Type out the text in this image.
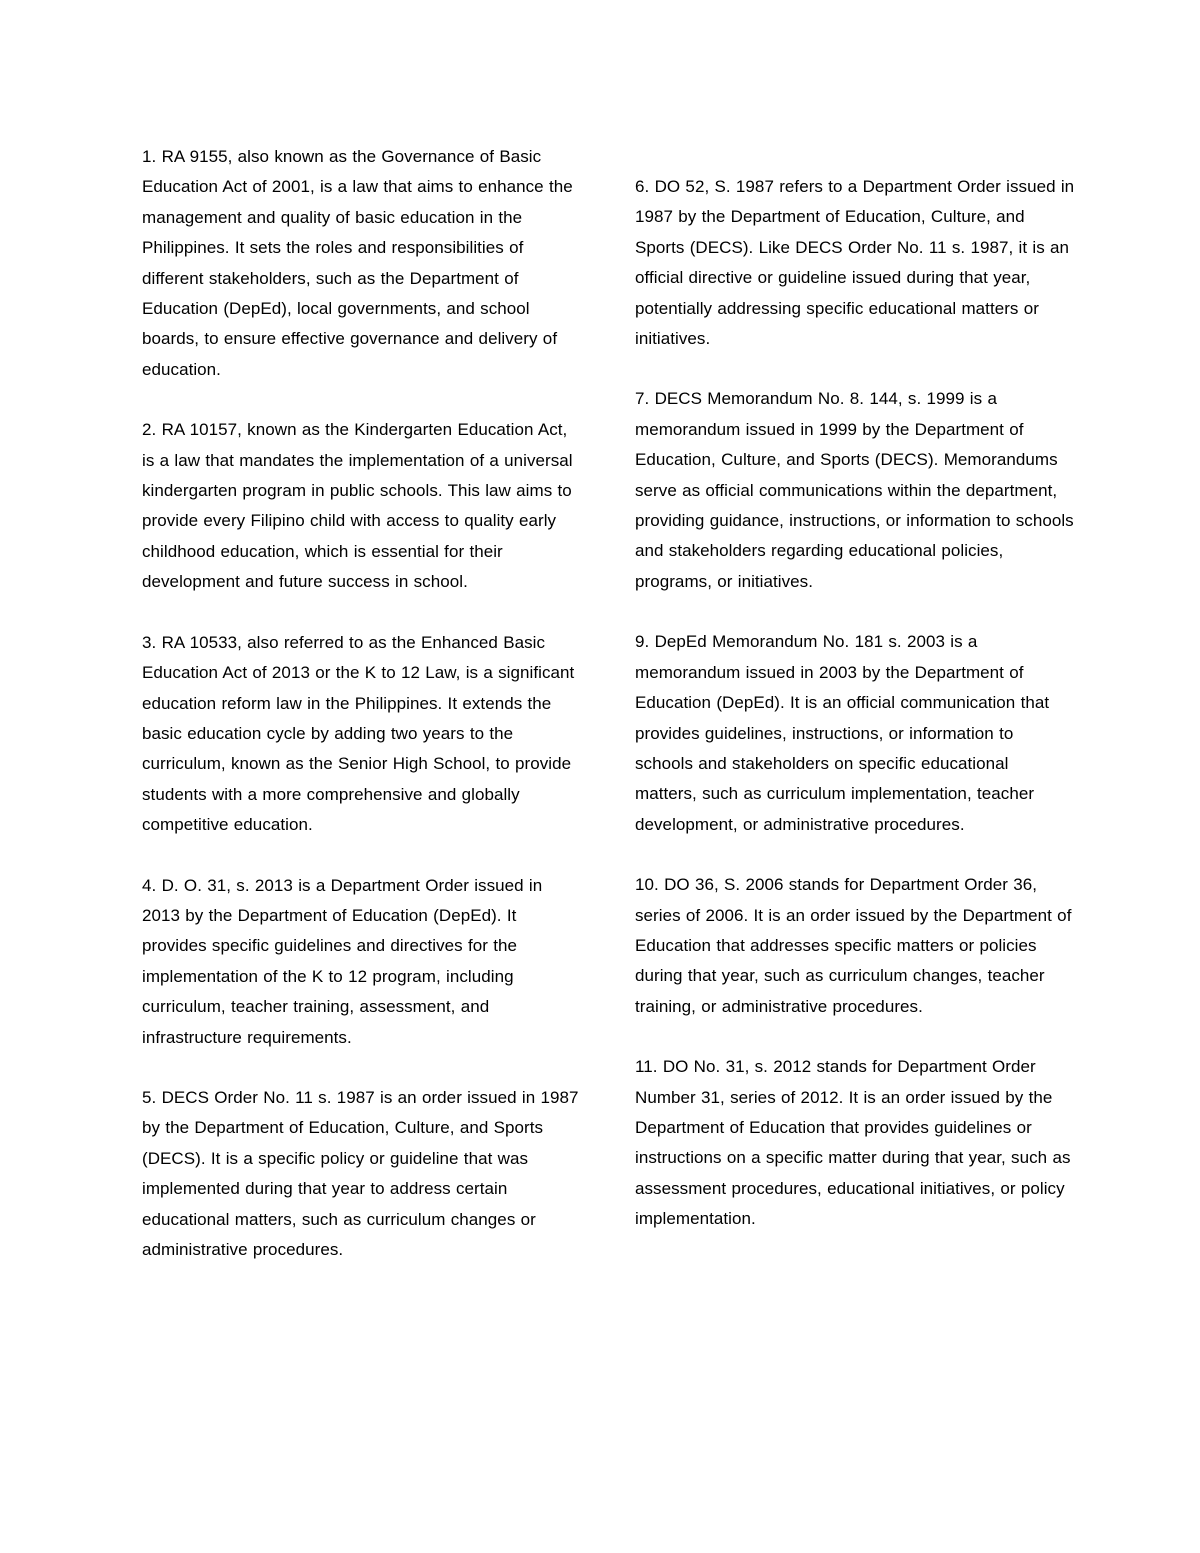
1. RA 9155, also known as the Governance of Basic Education Act of 2001, is a law that aims to enhance the management and quality of basic education in the Philippines. It sets the roles and responsibilities of different stakeholders, such as the Department of Education (DepEd), local governments, and school boards, to ensure effective governance and delivery of education.

2. RA 10157, known as the Kindergarten Education Act, is a law that mandates the implementation of a universal kindergarten program in public schools. This law aims to provide every Filipino child with access to quality early childhood education, which is essential for their development and future success in school.

3. RA 10533, also referred to as the Enhanced Basic Education Act of 2013 or the K to 12 Law, is a significant education reform law in the Philippines. It extends the basic education cycle by adding two years to the curriculum, known as the Senior High School, to provide students with a more comprehensive and globally competitive education.

4. D. O. 31, s. 2013 is a Department Order issued in 2013 by the Department of Education (DepEd). It provides specific guidelines and directives for the implementation of the K to 12 program, including curriculum, teacher training, assessment, and infrastructure requirements.

5. DECS Order No. 11 s. 1987 is an order issued in 1987 by the Department of Education, Culture, and Sports (DECS). It is a specific policy or guideline that was implemented during that year to address certain educational matters, such as curriculum changes or administrative procedures.

6. DO 52, S. 1987 refers to a Department Order issued in 1987 by the Department of Education, Culture, and Sports (DECS). Like DECS Order No. 11 s. 1987, it is an official directive or guideline issued during that year, potentially addressing specific educational matters or initiatives.

7. DECS Memorandum No. 8. 144, s. 1999 is a memorandum issued in 1999 by the Department of Education, Culture, and Sports (DECS). Memorandums serve as official communications within the department, providing guidance, instructions, or information to schools and stakeholders regarding educational policies, programs, or initiatives.

9. DepEd Memorandum No. 181 s. 2003 is a memorandum issued in 2003 by the Department of Education (DepEd). It is an official communication that provides guidelines, instructions, or information to schools and stakeholders on specific educational matters, such as curriculum implementation, teacher development, or administrative procedures.

10. DO 36, S. 2006 stands for Department Order 36, series of 2006. It is an order issued by the Department of Education that addresses specific matters or policies during that year, such as curriculum changes, teacher training, or administrative procedures.

11. DO No. 31, s. 2012 stands for Department Order Number 31, series of 2012. It is an order issued by the Department of Education that provides guidelines or instructions on a specific matter during that year, such as assessment procedures, educational initiatives, or policy implementation.
